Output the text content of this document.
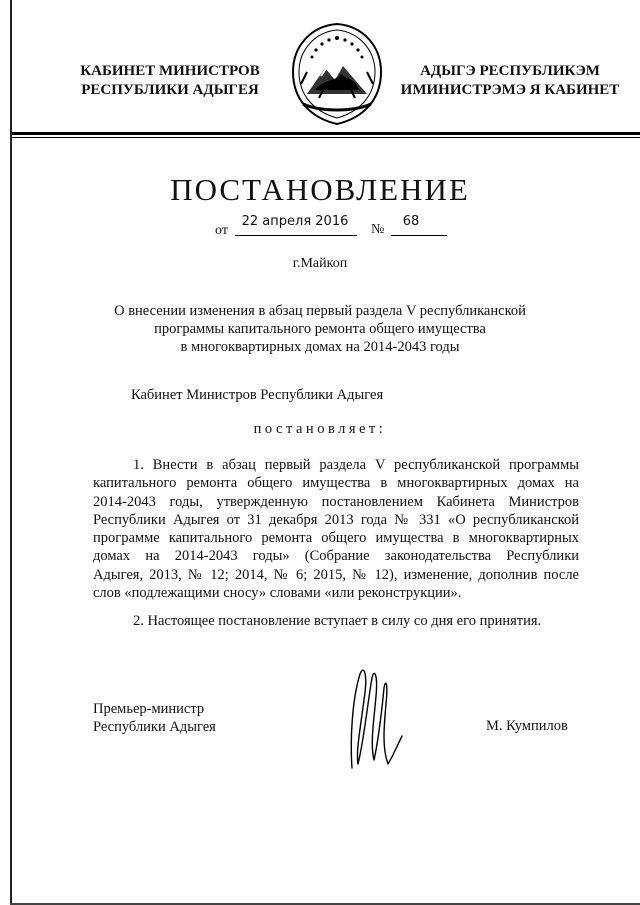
КАБИНЕТ МИНИСТРОВ
РЕСПУБЛИКИ АДЫГЕЯ
АДЫГЭ РЕСПУБЛИКЭМ
ИМИНИСТРЭМЭ Я КАБИНЕТ
ПОСТАНОВЛЕНИЕ
от
22 апреля 2016
№
68
г.Майкоп
О внесении изменения в абзац первый раздела V республиканской
программы капитального ремонта общего имущества
в многоквартирных домах на 2014-2043 годы
Кабинет Министров Республики Адыгея
постановляет:
1. Внести в абзац первый раздела V республиканской программы
капитального ремонта общего имущества в многоквартирных домах на
2014-2043 годы, утвержденную постановлением Кабинета Министров
Республики Адыгея от 31 декабря 2013 года № 331 «О республиканской
программе капитального ремонта общего имущества в многоквартирных
домах на 2014-2043 годы» (Собрание законодательства Республики
Адыгея, 2013, № 12; 2014, № 6; 2015, № 12), изменение, дополнив после
слов «подлежащими сносу» словами «или реконструкции».
2. Настоящее постановление вступает в силу со дня его принятия.
Премьер-министр
Республики Адыгея	М. Кумпилов
